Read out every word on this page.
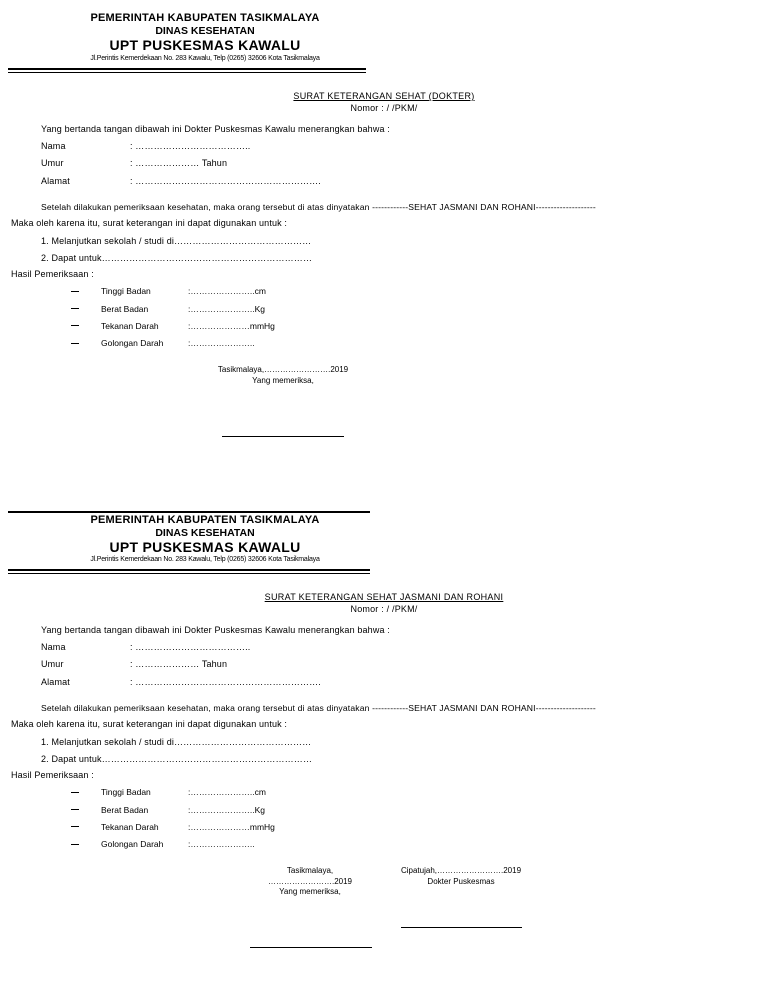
PEMERINTAH KABUPATEN TASIKMALAYA
DINAS KESEHATAN
UPT PUSKESMAS KAWALU
Jl.Perintis Kemerdekaan No. 283 Kawalu, Telp (0265) 32606 Kota Tasikmalaya
SURAT KETERANGAN SEHAT (DOKTER)
Nomor : / /PKM/
Yang bertanda tangan dibawah ini Dokter Puskesmas Kawalu menerangkan bahwa :
Nama	: ………………………………..
Umur	: ………………… Tahun
Alamat	: …………………………………………………….
Setelah dilakukan pemeriksaan kesehatan, maka orang tersebut di atas dinyatakan ------------SEHAT JASMANI DAN ROHANI--------------------
Maka oleh karena itu, surat keterangan ini dapat digunakan untuk :
1. Melanjutkan sekolah / studi di………………………………………
2. Dapat untuk……………………………………………………………
Hasil Pemeriksaan :
Tinggi Badan	:…………………..cm
Berat Badan	:…………………..Kg
Tekanan Darah	:…………………mmHg
Golongan Darah	:…………………..
Tasikmalaya,…………………….2019
Yang memeriksa,
PEMERINTAH KABUPATEN TASIKMALAYA
DINAS KESEHATAN
UPT PUSKESMAS KAWALU
Jl.Perintis Kemerdekaan No. 283 Kawalu, Telp (0265) 32606 Kota Tasikmalaya
SURAT KETERANGAN SEHAT JASMANI DAN ROHANI
Nomor : / /PKM/
Yang bertanda tangan dibawah ini Dokter Puskesmas Kawalu menerangkan bahwa :
Nama	: ………………………………..
Umur	: ………………… Tahun
Alamat	: …………………………………………………….
Setelah dilakukan pemeriksaan kesehatan, maka orang tersebut di atas dinyatakan ------------SEHAT JASMANI DAN ROHANI--------------------
Maka oleh karena itu, surat keterangan ini dapat digunakan untuk :
1. Melanjutkan sekolah / studi di………………………………………
2. Dapat untuk……………………………………………………………
Hasil Pemeriksaan :
Tinggi Badan	:…………………..cm
Berat Badan	:…………………..Kg
Tekanan Darah	:…………………mmHg
Golongan Darah	:…………………..
Tasikmalaya,
…………………….2019
Yang memeriksa,
Cipatujah,…………………….2019
Dokter Puskesmas
